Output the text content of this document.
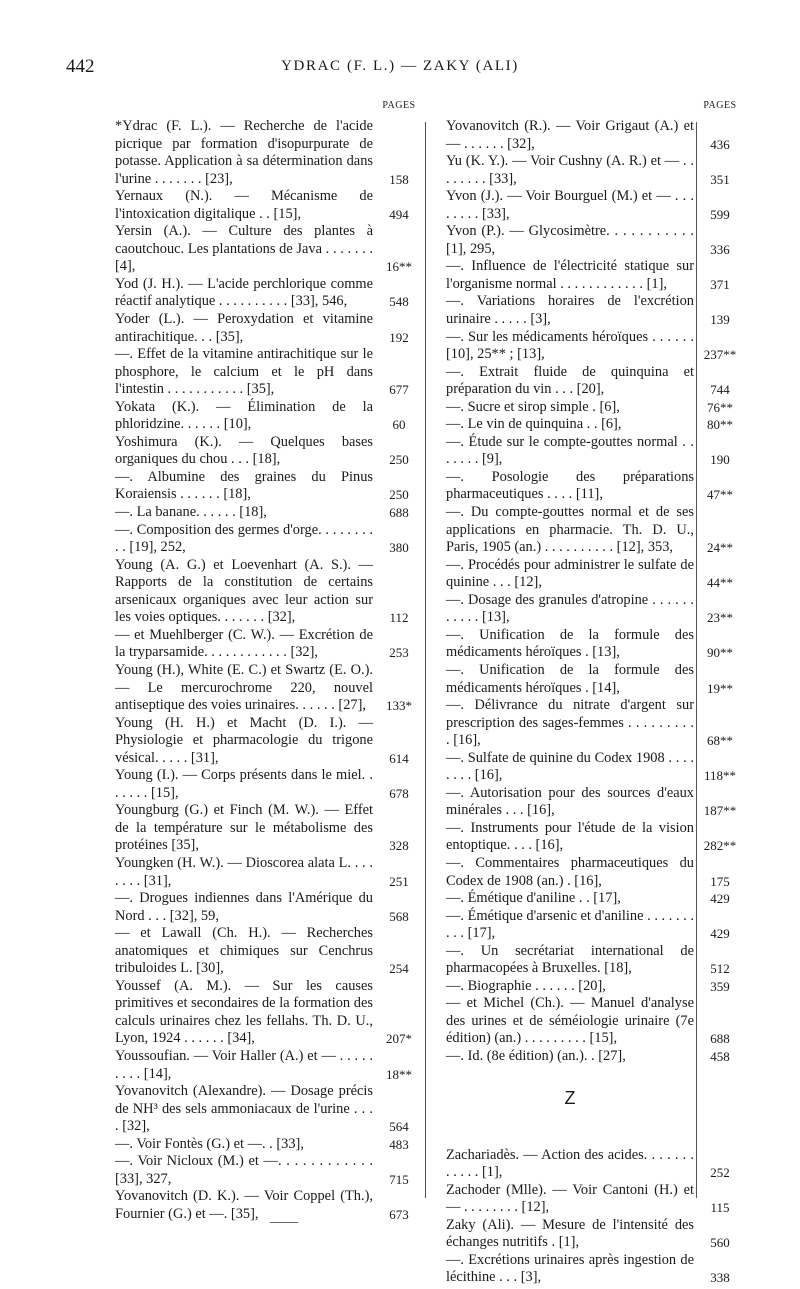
442	YDRAC (F. L.) — ZAKY (ALI)
PAGES
*Ydrac (F. L.). — Recherche de l'acide picrique par formation d'isopurpurate de potasse. Application à sa détermination dans l'urine . . . . . . . [23],	158
Yernaux (N.). — Mécanisme de l'intoxication digitalique . . [15],	494
Yersin (A.). — Culture des plantes à caoutchouc. Les plantations de Java . . . . . . . [4],	16**
Yod (J. H.). — L'acide perchlorique comme réactif analytique . . . . . . . . . . [33], 546,	548
Yoder (L.). — Peroxydation et vitamine antirachitique. . . [35],	192
—. Effet de la vitamine antirachitique sur le phosphore, le calcium et le pH dans l'intestin . . . . . . . . . . . [35],	677
Yokata (K.). — Élimination de la phloridzine. . . . . . [10],	60
Yoshimura (K.). — Quelques bases organiques du chou . . . [18],	250
—. Albumine des graines du Pinus Koraiensis . . . . . . [18],	250
—. La banane. . . . . . [18],	688
—. Composition des germes d'orge. . . . . . . . . . [19], 252,	380
Young (A. G.) et Loevenhart (A. S.). — Rapports de la constitution de certains arsenicaux organiques avec leur action sur les voies optiques. . . . . . . [32],	112
— et Muehlberger (C. W.). — Excrétion de la tryparsamide. . . . . . . . . . . . [32],	253
Young (H.), White (E. C.) et Swartz (E. O.). — Le mercurochrome 220, nouvel antiseptique des voies urinaires. . . . . . [27],	133*
Young (H. H.) et Macht (D. I.). — Physiologie et pharmacologie du trigone vésical. . . . . [31],	614
Young (I.). — Corps présents dans le miel. . . . . . . [15],	678
Youngburg (G.) et Finch (M. W.). — Effet de la température sur le métabolisme des protéines [35],	328
Youngken (H. W.). — Dioscorea alata L. . . . . . . . [31],	251
—. Drogues indiennes dans l'Amérique du Nord . . . [32], 59,	568
— et Lawall (Ch. H.). — Recherches anatomiques et chimiques sur Cenchrus tribuloides L. [30],	254
Youssef (A. M.). — Sur les causes primitives et secondaires de la formation des calculs urinaires chez les fellahs. Th. D. U., Lyon, 1924 . . . . . . [34],	207*
Youssoufian. — Voir Haller (A.) et — . . . . . . . . . [14],	18**
Yovanovitch (Alexandre). — Dosage précis de NH³ des sels ammoniacaux de l'urine . . . . [32],	564
—. Voir Fontès (G.) et —. . [33],	483
—. Voir Nicloux (M.) et —. . . . . . . . . . . . [33], 327,	715
Yovanovitch (D. K.). — Voir Coppel (Th.), Fournier (G.) et —. [35],	673
PAGES
Yovanovitch (R.). — Voir Grigaut (A.) et — . . . . . . [32],	436
Yu (K. Y.). — Voir Cushny (A. R.) et — . . . . . . . . [33],	351
Yvon (J.). — Voir Bourguel (M.) et — . . . . . . . . [33],	599
Yvon (P.). — Glycosimètre. . . . . . . . . . . [1], 295,	336
—. Influence de l'électricité statique sur l'organisme normal . . . . . . . . . . . . [1],	371
—. Variations horaires de l'excrétion urinaire . . . . . [3],	139
—. Sur les médicaments héroïques . . . . . . [10], 25** ; [13],	237**
—. Extrait fluide de quinquina et préparation du vin . . . [20],	744
—. Sucre et sirop simple . [6],	76**
—. Le vin de quinquina . . [6],	80**
—. Étude sur le compte-gouttes normal . . . . . . . [9],	190
—. Posologie des préparations pharmaceutiques . . . . [11],	47**
—. Du compte-gouttes normal et de ses applications en pharmacie. Th. D. U., Paris, 1905 (an.) . . . . . . . . . . [12], 353,	24**
—. Procédés pour administrer le sulfate de quinine . . . [12],	44**
—. Dosage des granules d'atropine . . . . . . . . . . . [13],	23**
—. Unification de la formule des médicaments héroïques . [13],	90**
—. Unification de la formule des médicaments héroïques . [14],	19**
—. Délivrance du nitrate d'argent sur prescription des sages-femmes . . . . . . . . . . [16],	68**
—. Sulfate de quinine du Codex 1908 . . . . . . . . [16],	118**
—. Autorisation pour des sources d'eaux minérales . . . [16],	187**
—. Instruments pour l'étude de la vision entoptique. . . . [16],	282**
—. Commentaires pharmaceutiques du Codex de 1908 (an.) . [16],	175
—. Émétique d'aniline . . [17],	429
—. Émétique d'arsenic et d'aniline . . . . . . . . . . [17],	429
—. Un secrétariat international de pharmacopées à Bruxelles. [18],	512
—. Biographie . . . . . . [20],	359
— et Michel (Ch.). — Manuel d'analyse des urines et de séméiologie urinaire (7e édition) (an.) . . . . . . . . . [15],	688
—. Id. (8e édition) (an.). . [27],	458
Z
Zachariadès. — Action des acides. . . . . . . . . . . . [1],	252
Zachoder (Mlle). — Voir Cantoni (H.) et — . . . . . . . . [12],	115
Zaky (Ali). — Mesure de l'intensité des échanges nutritifs . [1],	560
—. Excrétions urinaires après ingestion de lécithine . . . [3],	338
